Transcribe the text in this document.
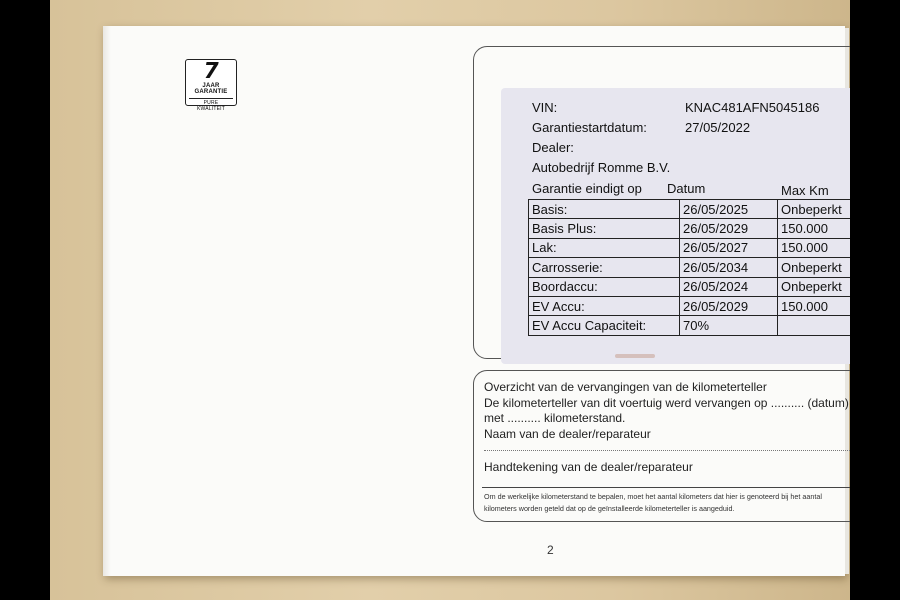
7
JAAR GARANTIE
PURE KWALITEIT	VIN:	KNAC481AFN5045186
Garantiestartdatum:	27/05/2022
Dealer:
Autobedrijf Romme B.V.
Garantie eindigt op Datum	Max Km
Basis:	26/05/2025	Onbeperkt
Basis Plus:	26/05/2029	150.000
Lak:	26/05/2027	150.000
Carrosserie:	26/05/2034	Onbeperkt
Boordaccu:	26/05/2024	Onbeperkt
EV Accu:	26/05/2029	150.000
EV Accu Capaciteit:	70%	
Overzicht van de vervangingen van de kilometerteller
De kilometerteller van dit voertuig werd vervangen op .......... (datum)
met .......... kilometerstand.
Naam van de dealer/reparateur
Handtekening van de dealer/reparateur
Om de werkelijke kilometerstand te bepalen, moet het aantal kilometers dat hier is genoteerd bij het aantal
kilometers worden geteld dat op de geïnstalleerde kilometerteller is aangeduid.
2
